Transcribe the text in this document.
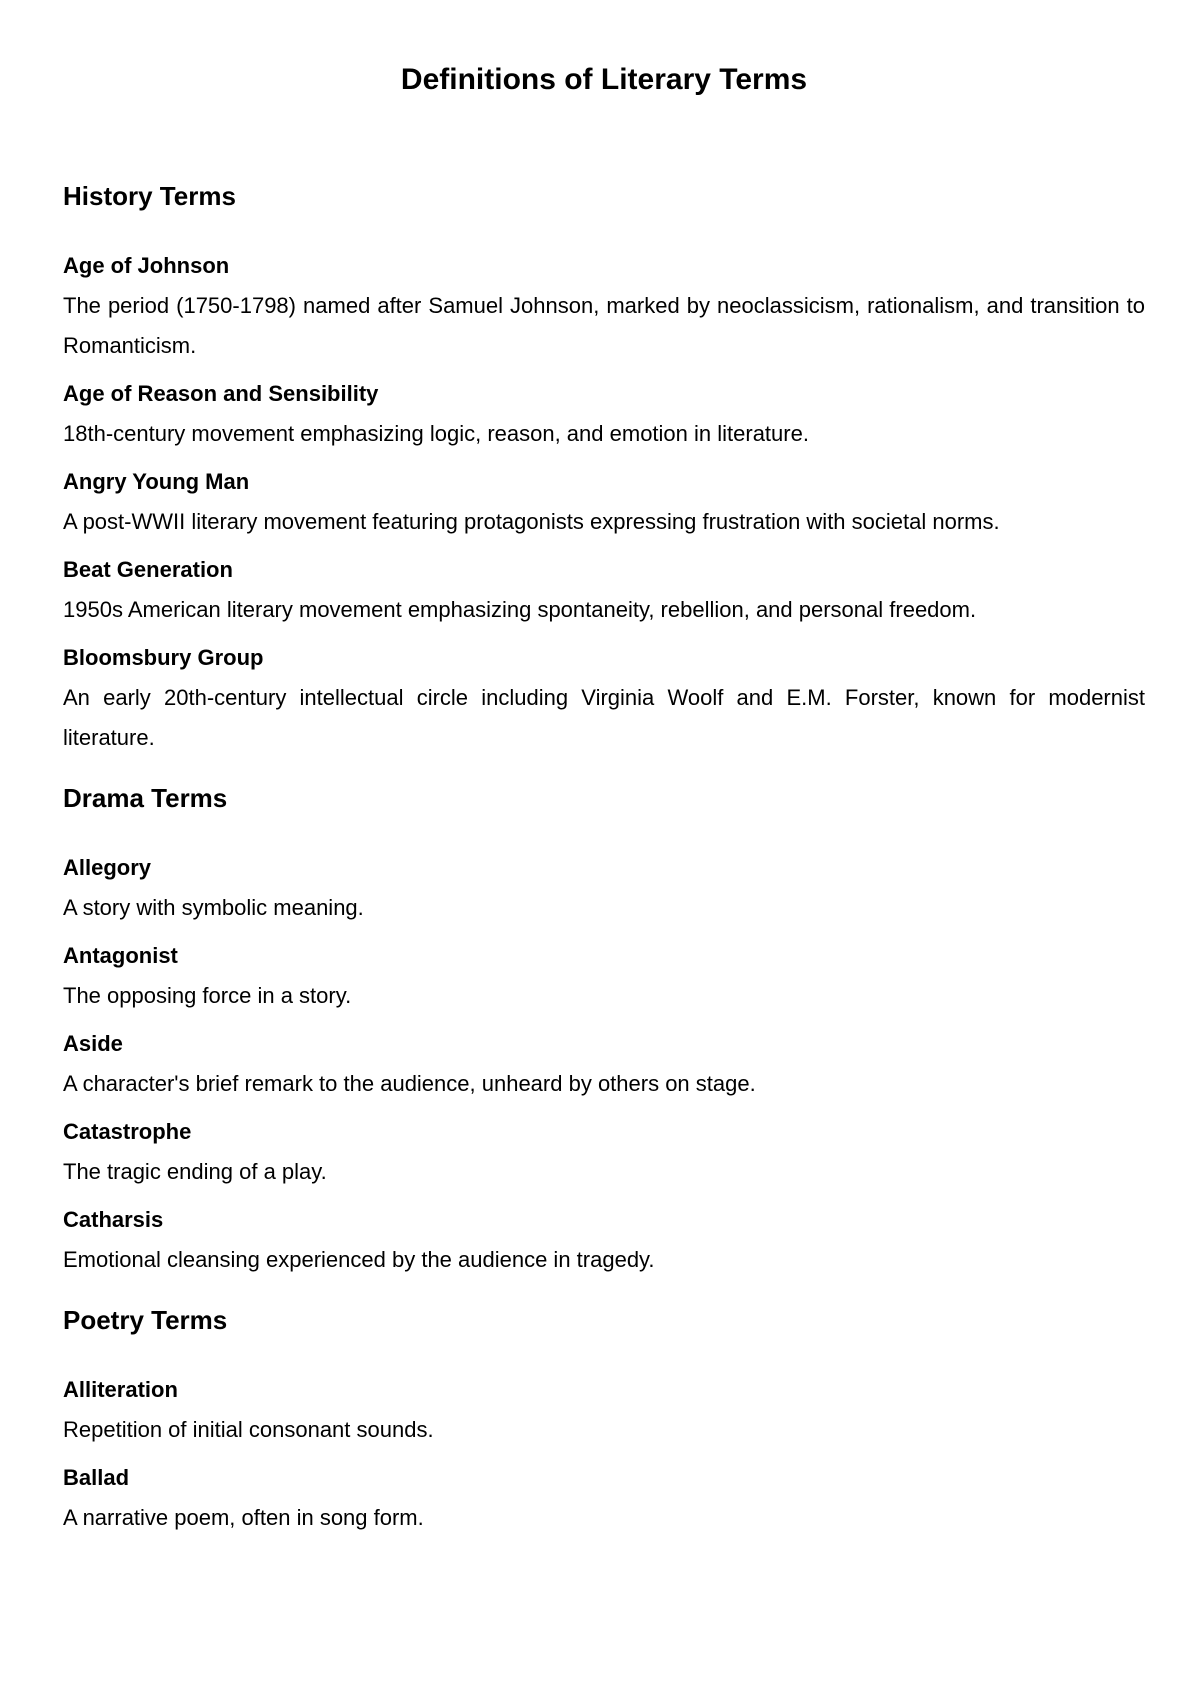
Definitions of Literary Terms
History Terms
Age of Johnson
The period (1750-1798) named after Samuel Johnson, marked by neoclassicism, rationalism, and transition to Romanticism.
Age of Reason and Sensibility
18th-century movement emphasizing logic, reason, and emotion in literature.
Angry Young Man
A post-WWII literary movement featuring protagonists expressing frustration with societal norms.
Beat Generation
1950s American literary movement emphasizing spontaneity, rebellion, and personal freedom.
Bloomsbury Group
An early 20th-century intellectual circle including Virginia Woolf and E.M. Forster, known for modernist literature.
Drama Terms
Allegory
A story with symbolic meaning.
Antagonist
The opposing force in a story.
Aside
A character's brief remark to the audience, unheard by others on stage.
Catastrophe
The tragic ending of a play.
Catharsis
Emotional cleansing experienced by the audience in tragedy.
Poetry Terms
Alliteration
Repetition of initial consonant sounds.
Ballad
A narrative poem, often in song form.
